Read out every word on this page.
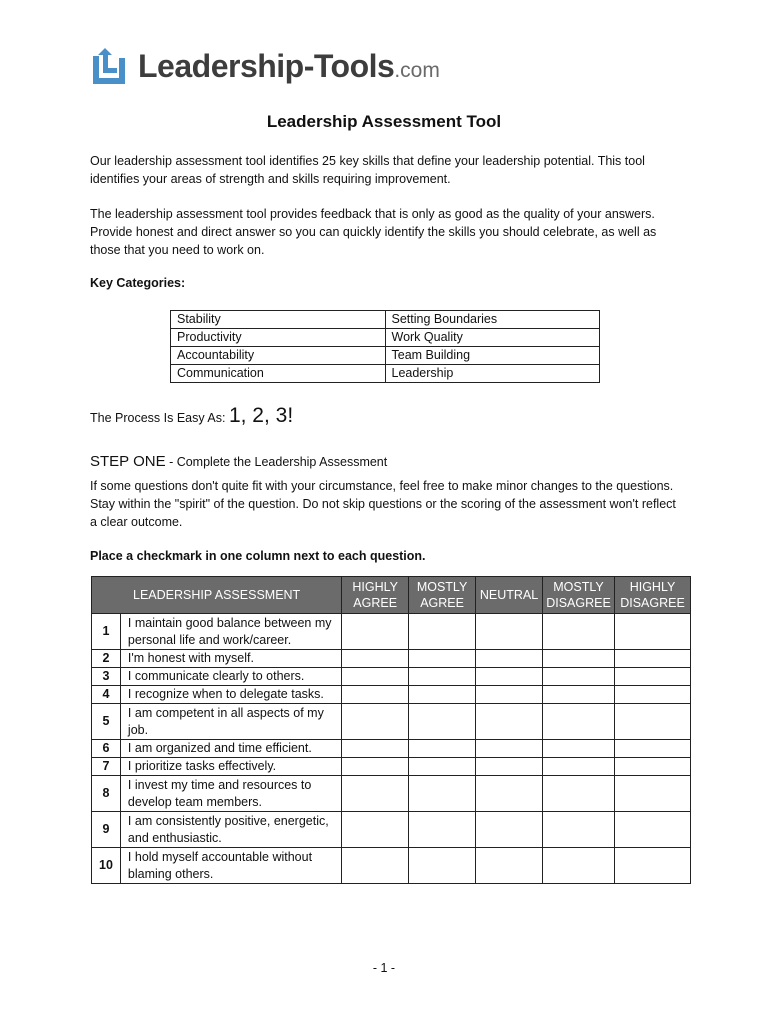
Leadership-Tools.com
Leadership Assessment Tool

Our leadership assessment tool identifies 25 key skills that define your leadership potential. This tool identifies your areas of strength and skills requiring improvement.

The leadership assessment tool provides feedback that is only as good as the quality of your answers. Provide honest and direct answer so you can quickly identify the skills you should celebrate, as well as those that you need to work on.

Key Categories:

Stability	Setting Boundaries
Productivity	Work Quality
Accountability	Team Building
Communication	Leadership
The Process Is Easy As: 1, 2, 3!
STEP ONE - Complete the Leadership Assessment

If some questions don't quite fit with your circumstance, feel free to make minor changes to the questions. Stay within the "spirit" of the question. Do not skip questions or the scoring of the assessment won't reflect a clear outcome.

Place a checkmark in one column next to each question.

LEADERSHIP ASSESSMENT		HIGHLY AGREE	MOSTLY AGREE	NEUTRAL	MOSTLY DISAGREE	HIGHLY DISAGREE
1	I maintain good balance between my personal life and work/career.					
2	I'm honest with myself.					
3	I communicate clearly to others.					
4	I recognize when to delegate tasks.					
5	I am competent in all aspects of my job.					
6	I am organized and time efficient.					
7	I prioritize tasks effectively.					
8	I invest my time and resources to develop team members.					
9	I am consistently positive, energetic, and enthusiastic.					
10	I hold myself accountable without blaming others.					
- 1 -
